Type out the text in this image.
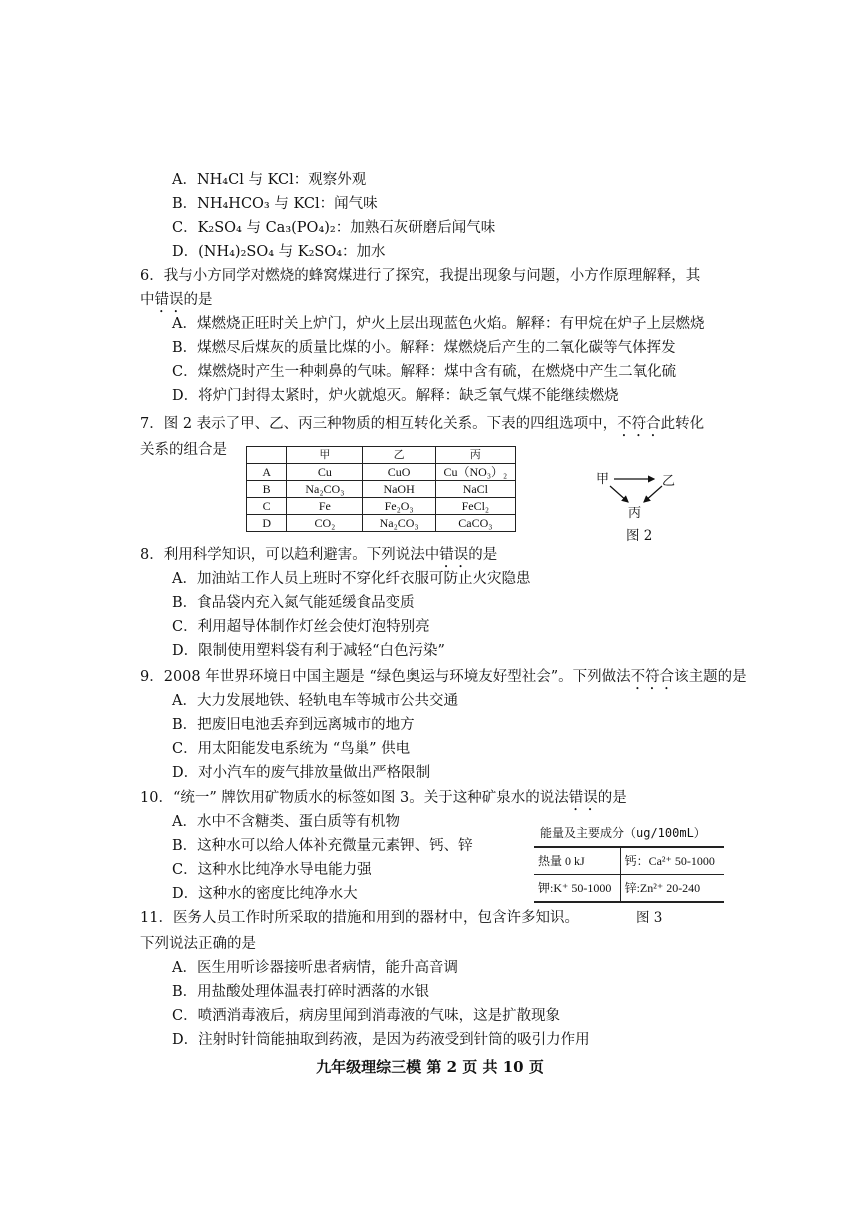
A．NH₄Cl 与 KCl：观察外观
B．NH₄HCO₃ 与 KCl：闻气味
C．K₂SO₄ 与 Ca₃(PO₄)₂：加熟石灰研磨后闻气味
D．(NH₄)₂SO₄ 与 K₂SO₄：加水
6．我与小方同学对燃烧的蜂窝煤进行了探究，我提出现象与问题，小方作原理解释，其
中错误的是
A．煤燃烧正旺时关上炉门，炉火上层出现蓝色火焰。解释：有甲烷在炉子上层燃烧
B．煤燃尽后煤灰的质量比煤的小。解释：煤燃烧后产生的二氧化碳等气体挥发
C．煤燃烧时产生一种刺鼻的气味。解释：煤中含有硫，在燃烧中产生二氧化硫
D．将炉门封得太紧时，炉火就熄灭。解释：缺乏氧气煤不能继续燃烧
7．图 2 表示了甲、乙、丙三种物质的相互转化关系。下表的四组选项中，不符合此转化
关系的组合是
		甲	乙	丙
A	Cu	CuO	Cu（NO₃）₂
B	Na₂CO₃	NaOH	NaCl
C	Fe	Fe₂O₃	FeCl₂
D	CO₂	Na₂CO₃	CaCO₃
甲	乙
丙
图 2
8．利用科学知识，可以趋利避害。下列说法中错误的是
A．加油站工作人员上班时不穿化纤衣服可防止火灾隐患
B．食品袋内充入氮气能延缓食品变质
C．利用超导体制作灯丝会使灯泡特别亮
D．限制使用塑料袋有利于减轻“白色污染”
9．2008 年世界环境日中国主题是 “绿色奥运与环境友好型社会”。下列做法不符合该主题的是
A．大力发展地铁、轻轨电车等城市公共交通
B．把废旧电池丢弃到远离城市的地方
C．用太阳能发电系统为 “鸟巢” 供电
D．对小汽车的废气排放量做出严格限制
10．“统一” 牌饮用矿物质水的标签如图 3。关于这种矿泉水的说法错误的是
A．水中不含糖类、蛋白质等有机物
B．这种水可以给人体补充微量元素钾、钙、锌
C．这种水比纯净水导电能力强
D．这种水的密度比纯净水大
能量及主要成分（ug/100mL）
热量 0 kJ	钙：Ca²⁺ 50-1000
钾:K⁺ 50-1000	锌:Zn²⁺ 20-240
图 3
11．医务人员工作时所采取的措施和用到的器材中，包含许多知识。
下列说法正确的是
A．医生用听诊器接听患者病情，能升高音调
B．用盐酸处理体温表打碎时洒落的水银
C．喷洒消毒液后，病房里闻到消毒液的气味，这是扩散现象
D．注射时针筒能抽取到药液，是因为药液受到针筒的吸引力作用
九年级理综三模 第 2 页 共 10 页
